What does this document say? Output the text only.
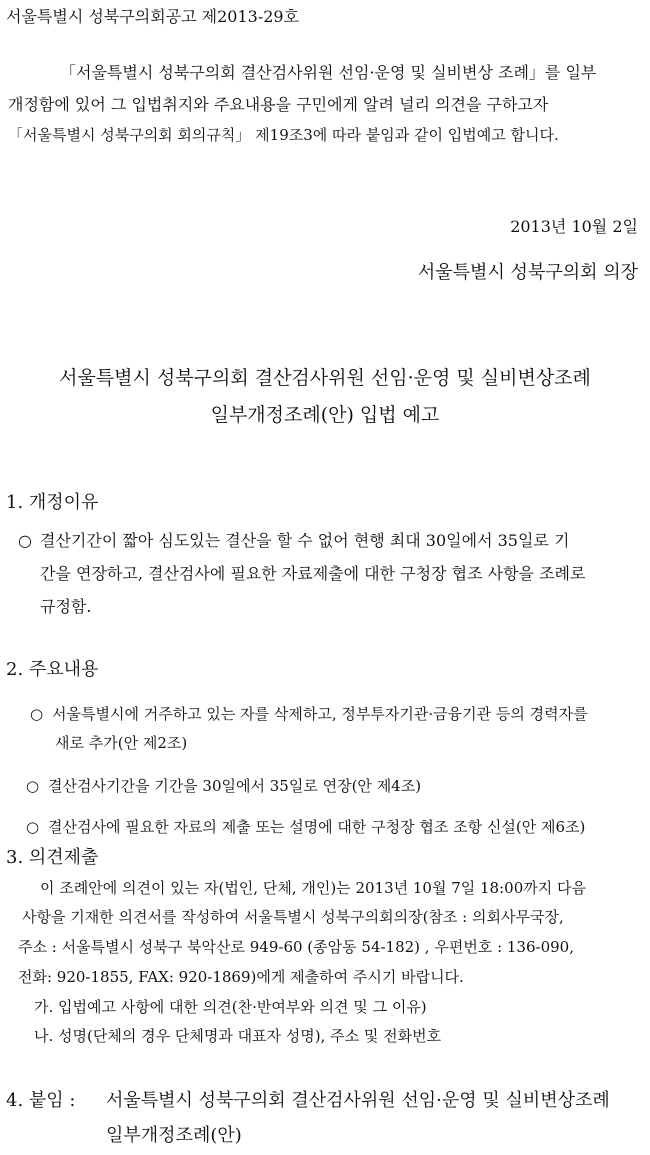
서울특별시 성북구의회공고 제2013-29호
「서울특별시 성북구의회 결산검사위원 선임·운영 및 실비변상 조례」를 일부
개정함에 있어 그 입법취지와 주요내용을 구민에게 알려 널리 의견을 구하고자
「서울특별시 성북구의회 회의규칙」 제19조3에 따라 붙임과 같이 입법예고 합니다.
2013년 10월 2일
서울특별시 성북구의회 의장
서울특별시 성북구의회 결산검사위원 선임·운영 및 실비변상조례
일부개정조례(안) 입법 예고
1. 개정이유
○ 결산기간이 짧아 심도있는 결산을 할 수 없어 현행 최대 30일에서 35일로 기
간을 연장하고, 결산검사에 필요한 자료제출에 대한 구청장 협조 사항을 조례로
규정함.
2. 주요내용
○ 서울특별시에 거주하고 있는 자를 삭제하고, 정부투자기관·금융기관 등의 경력자를
새로 추가(안 제2조)
○ 결산검사기간을 기간을 30일에서 35일로 연장(안 제4조)
○ 결산검사에 필요한 자료의 제출 또는 설명에 대한 구청장 협조 조항 신설(안 제6조)
3. 의견제출
이 조례안에 의견이 있는 자(법인, 단체, 개인)는 2013년 10월 7일 18:00까지 다음
사항을 기재한 의견서를 작성하여 서울특별시 성북구의회의장(참조 : 의회사무국장,
주소 : 서울특별시 성북구 북악산로 949-60 (종암동 54-182) , 우편번호 : 136-090,
전화: 920-1855, FAX: 920-1869)에게 제출하여 주시기 바랍니다.
가. 입법예고 사항에 대한 의견(찬·반여부와 의견 및 그 이유)
나. 성명(단체의 경우 단체명과 대표자 성명), 주소 및 전화번호
4. 붙임 : 서울특별시 성북구의회 결산검사위원 선임·운영 및 실비변상조례
일부개정조례(안)
